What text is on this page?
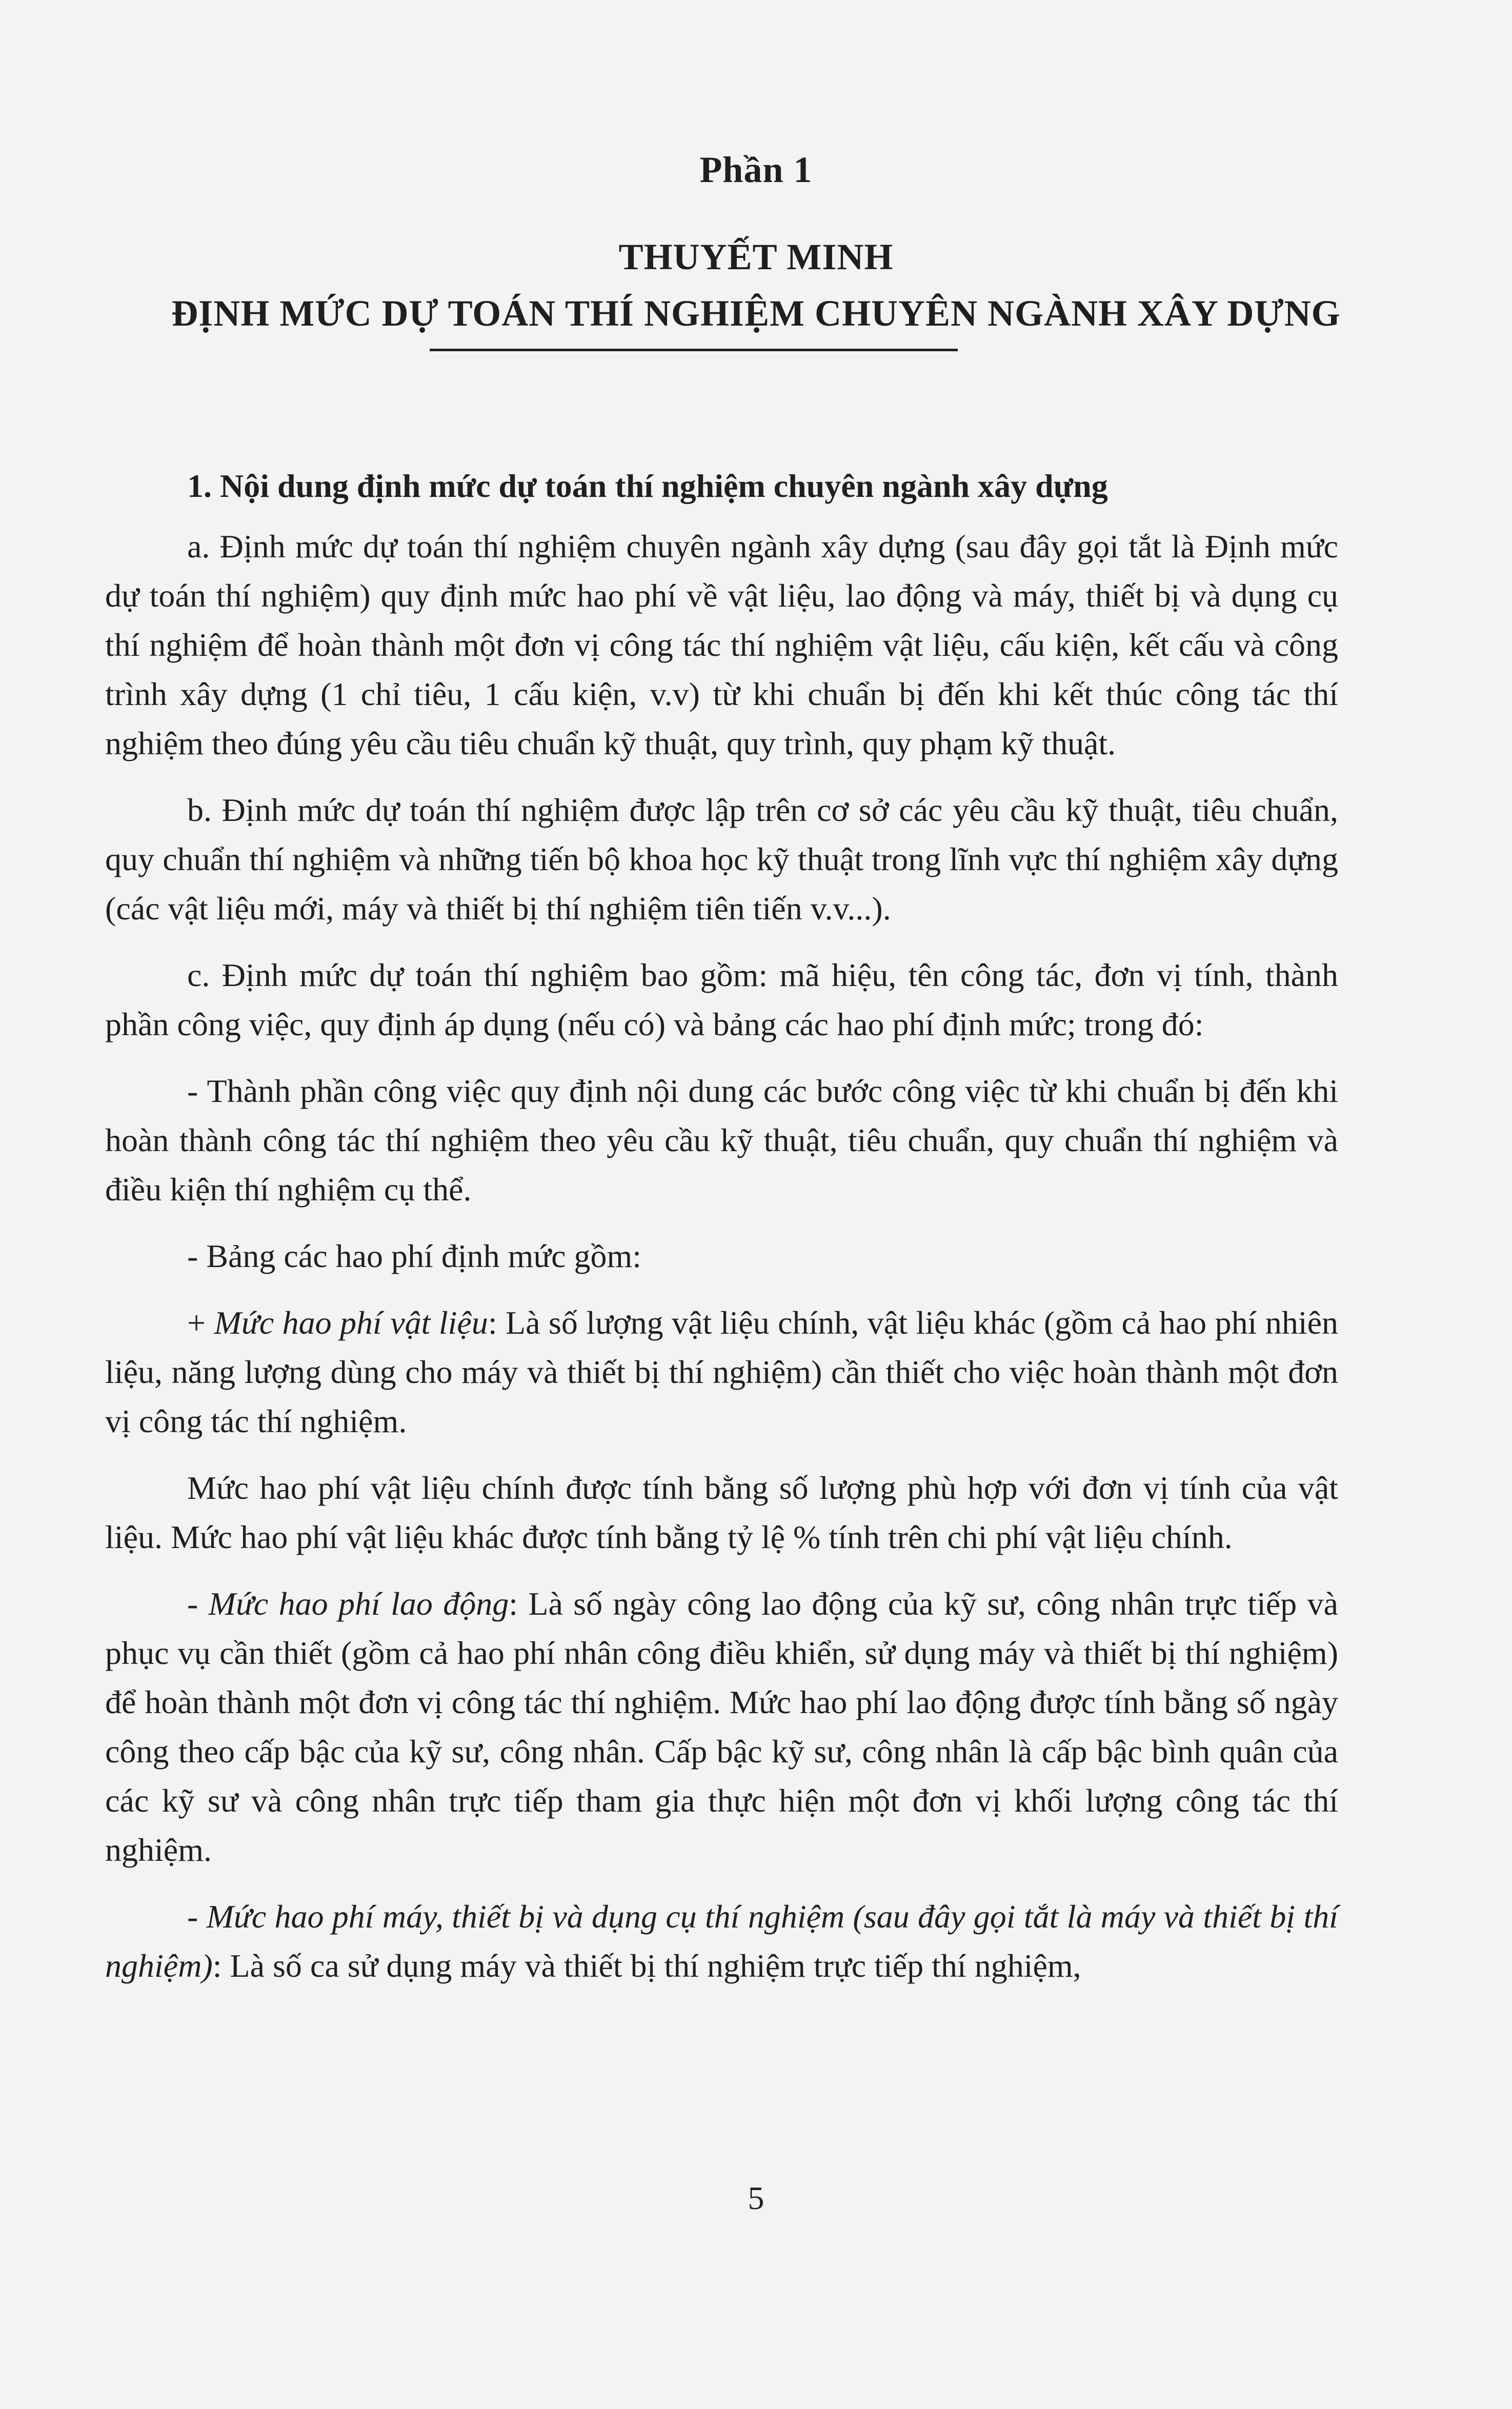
Phần 1
THUYẾT MINH
ĐỊNH MỨC DỰ TOÁN THÍ NGHIỆM CHUYÊN NGÀNH XÂY DỰNG
1. Nội dung định mức dự toán thí nghiệm chuyên ngành xây dựng

a. Định mức dự toán thí nghiệm chuyên ngành xây dựng (sau đây gọi tắt là Định mức dự toán thí nghiệm) quy định mức hao phí về vật liệu, lao động và máy, thiết bị và dụng cụ thí nghiệm để hoàn thành một đơn vị công tác thí nghiệm vật liệu, cấu kiện, kết cấu và công trình xây dựng (1 chỉ tiêu, 1 cấu kiện, v.v) từ khi chuẩn bị đến khi kết thúc công tác thí nghiệm theo đúng yêu cầu tiêu chuẩn kỹ thuật, quy trình, quy phạm kỹ thuật.

b. Định mức dự toán thí nghiệm được lập trên cơ sở các yêu cầu kỹ thuật, tiêu chuẩn, quy chuẩn thí nghiệm và những tiến bộ khoa học kỹ thuật trong lĩnh vực thí nghiệm xây dựng (các vật liệu mới, máy và thiết bị thí nghiệm tiên tiến v.v...).

c. Định mức dự toán thí nghiệm bao gồm: mã hiệu, tên công tác, đơn vị tính, thành phần công việc, quy định áp dụng (nếu có) và bảng các hao phí định mức; trong đó:

- Thành phần công việc quy định nội dung các bước công việc từ khi chuẩn bị đến khi hoàn thành công tác thí nghiệm theo yêu cầu kỹ thuật, tiêu chuẩn, quy chuẩn thí nghiệm và điều kiện thí nghiệm cụ thể.

- Bảng các hao phí định mức gồm:

+ Mức hao phí vật liệu: Là số lượng vật liệu chính, vật liệu khác (gồm cả hao phí nhiên liệu, năng lượng dùng cho máy và thiết bị thí nghiệm) cần thiết cho việc hoàn thành một đơn vị công tác thí nghiệm.

Mức hao phí vật liệu chính được tính bằng số lượng phù hợp với đơn vị tính của vật liệu. Mức hao phí vật liệu khác được tính bằng tỷ lệ % tính trên chi phí vật liệu chính.

- Mức hao phí lao động: Là số ngày công lao động của kỹ sư, công nhân trực tiếp và phục vụ cần thiết (gồm cả hao phí nhân công điều khiển, sử dụng máy và thiết bị thí nghiệm) để hoàn thành một đơn vị công tác thí nghiệm. Mức hao phí lao động được tính bằng số ngày công theo cấp bậc của kỹ sư, công nhân. Cấp bậc kỹ sư, công nhân là cấp bậc bình quân của các kỹ sư và công nhân trực tiếp tham gia thực hiện một đơn vị khối lượng công tác thí nghiệm.

- Mức hao phí máy, thiết bị và dụng cụ thí nghiệm (sau đây gọi tắt là máy và thiết bị thí nghiệm): Là số ca sử dụng máy và thiết bị thí nghiệm trực tiếp thí nghiệm,

5
